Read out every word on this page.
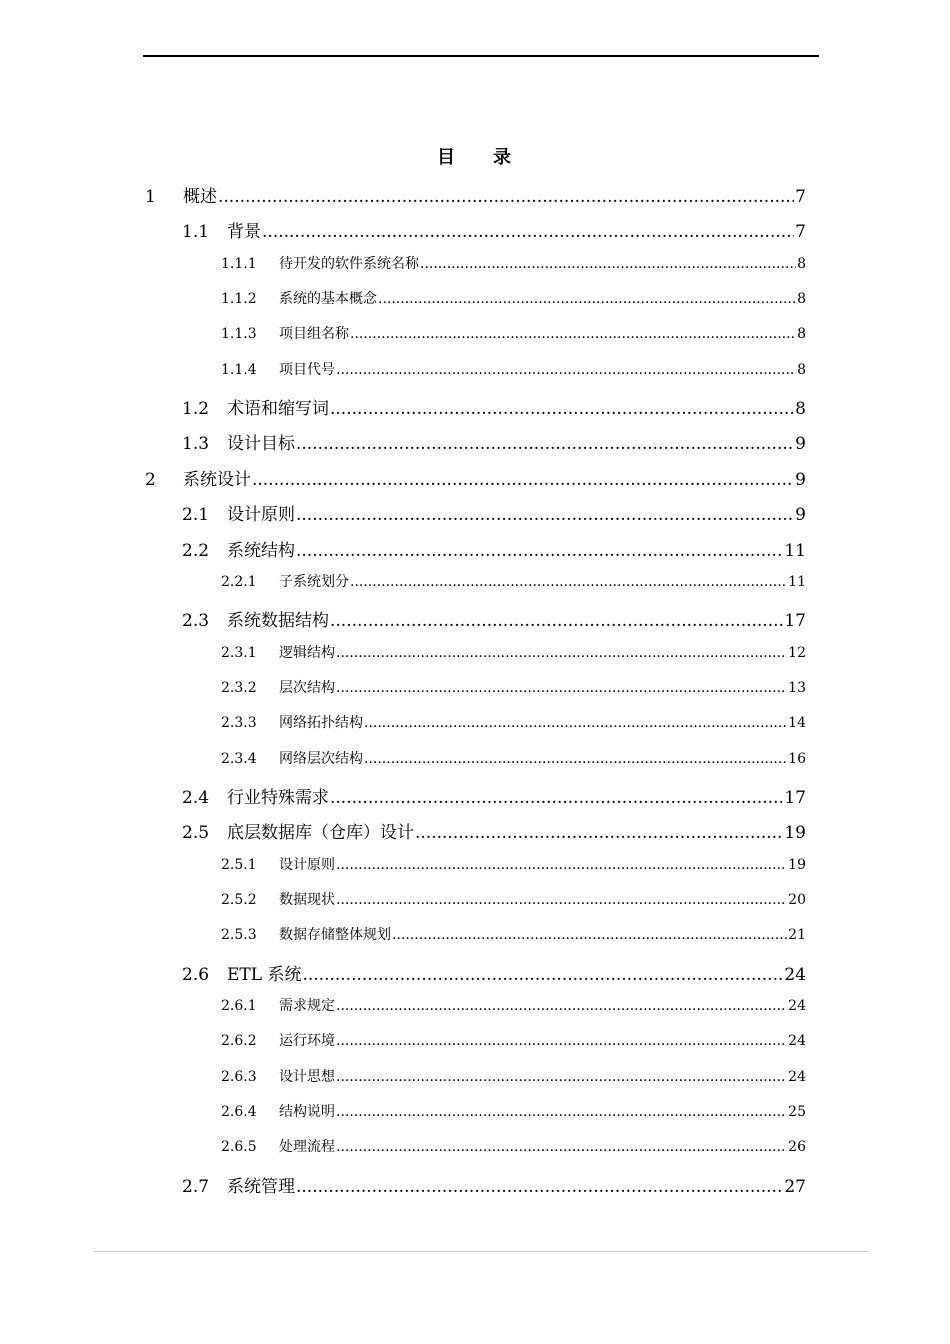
目 录
1	概述 .....	7
1.1	背景 .....	7
1.1.1	待开发的软件系统名称 .....	8
1.1.2	系统的基本概念 .....	8
1.1.3	项目组名称 .....	8
1.1.4	项目代号 .....	8
1.2	术语和缩写词 .....	8
1.3	设计目标 .....	9
2	系统设计 .....	9
2.1	设计原则 .....	9
2.2	系统结构 .....	11
2.2.1	子系统划分 .....	11
2.3	系统数据结构 .....	17
2.3.1	逻辑结构 .....	12
2.3.2	层次结构 .....	13
2.3.3	网络拓扑结构 .....	14
2.3.4	网络层次结构 .....	16
2.4	行业特殊需求 .....	17
2.5	底层数据库（仓库）设计 .....	19
2.5.1	设计原则 .....	19
2.5.2	数据现状 .....	20
2.5.3	数据存储整体规划 .....	21
2.6	ETL 系统 .....	24
2.6.1	需求规定 .....	24
2.6.2	运行环境 .....	24
2.6.3	设计思想 .....	24
2.6.4	结构说明 .....	25
2.6.5	处理流程 .....	26
2.7	系统管理 .....	27
